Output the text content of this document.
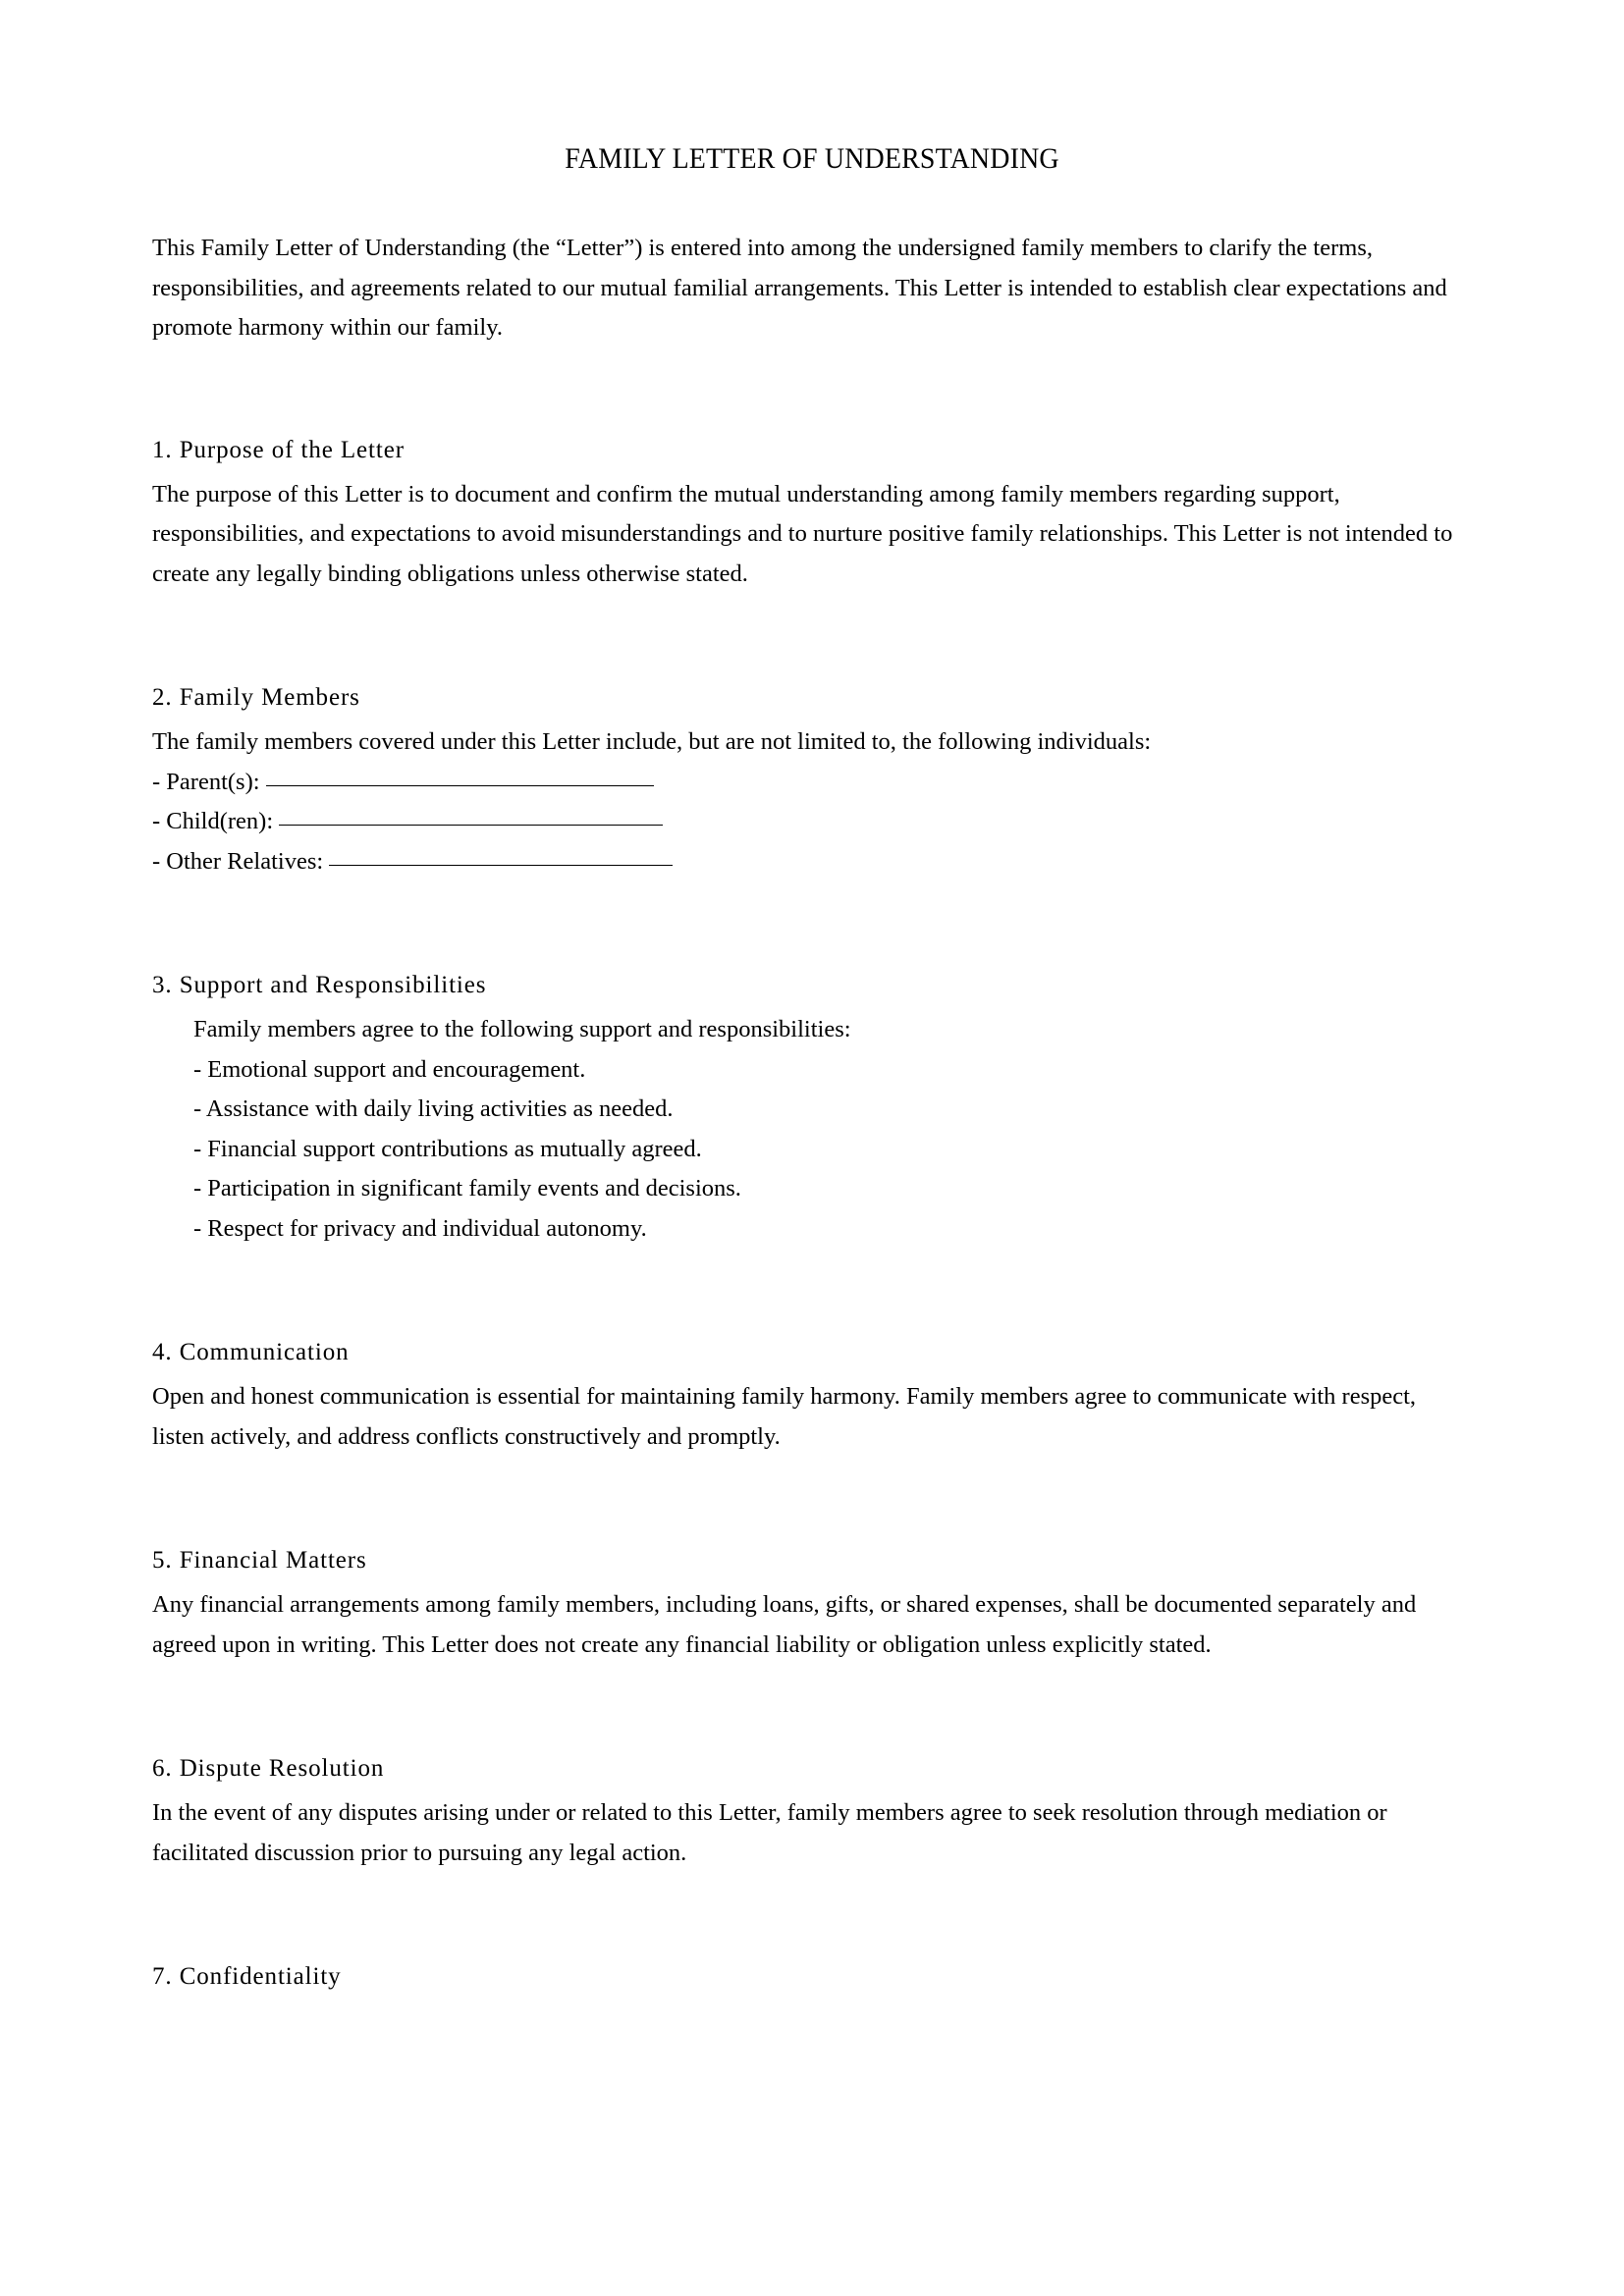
FAMILY LETTER OF UNDERSTANDING

This Family Letter of Understanding (the “Letter”) is entered into among the undersigned family members to clarify the terms, responsibilities, and agreements related to our mutual familial arrangements. This Letter is intended to establish clear expectations and promote harmony within our family.

1. Purpose of the Letter

The purpose of this Letter is to document and confirm the mutual understanding among family members regarding support, responsibilities, and expectations to avoid misunderstandings and to nurture positive family relationships. This Letter is not intended to create any legally binding obligations unless otherwise stated.

2. Family Members

The family members covered under this Letter include, but are not limited to, the following individuals:

- Parent(s):
- Child(ren):
- Other Relatives:
3. Support and Responsibilities
Family members agree to the following support and responsibilities:
- Emotional support and encouragement.
- Assistance with daily living activities as needed.
- Financial support contributions as mutually agreed.
- Participation in significant family events and decisions.
- Respect for privacy and individual autonomy.
4. Communication

Open and honest communication is essential for maintaining family harmony. Family members agree to communicate with respect, listen actively, and address conflicts constructively and promptly.

5. Financial Matters

Any financial arrangements among family members, including loans, gifts, or shared expenses, shall be documented separately and agreed upon in writing. This Letter does not create any financial liability or obligation unless explicitly stated.

6. Dispute Resolution

In the event of any disputes arising under or related to this Letter, family members agree to seek resolution through mediation or facilitated discussion prior to pursuing any legal action.

7. Confidentiality
